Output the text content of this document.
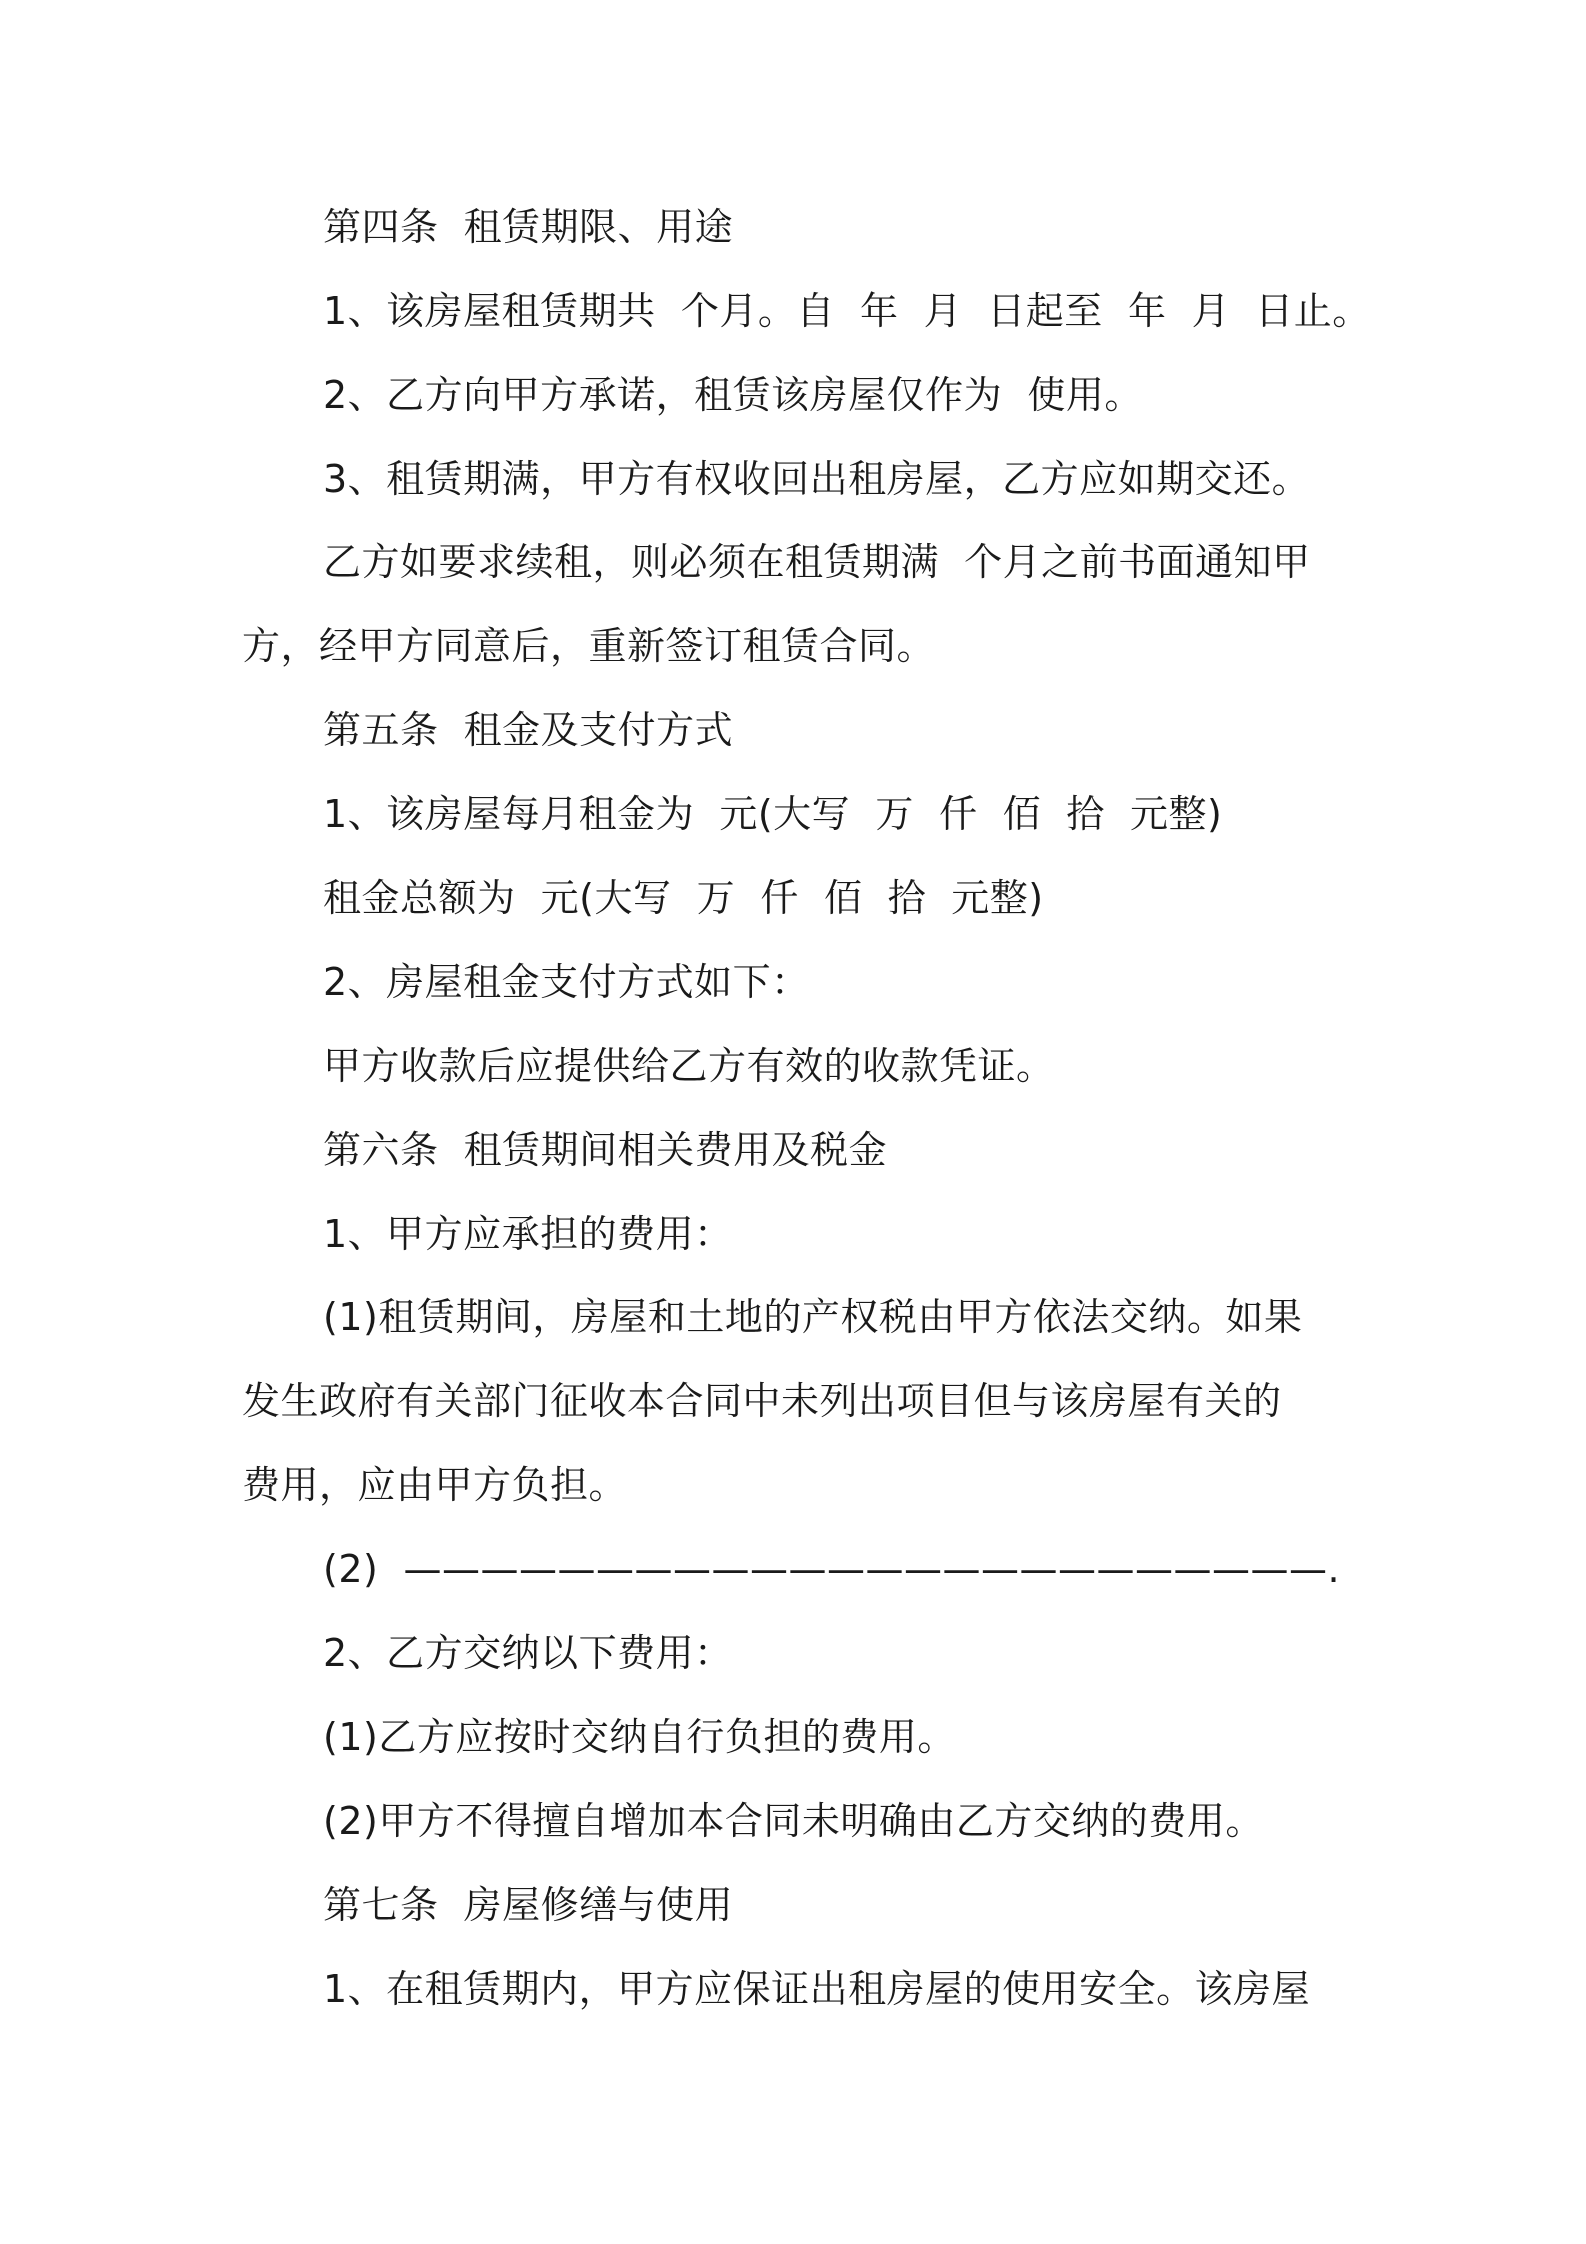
第四条  租赁期限、用途
1、该房屋租赁期共  个月。自  年  月  日起至  年  月  日止。
2、乙方向甲方承诺，租赁该房屋仅作为  使用。
3、租赁期满，甲方有权收回出租房屋，乙方应如期交还。
乙方如要求续租，则必须在租赁期满  个月之前书面通知甲
方，经甲方同意后，重新签订租赁合同。
第五条  租金及支付方式
1、该房屋每月租金为  元(大写  万  仟  佰  拾  元整)
租金总额为  元(大写  万  仟  佰  拾  元整)
2、房屋租金支付方式如下：
甲方收款后应提供给乙方有效的收款凭证。
第六条  租赁期间相关费用及税金
1、甲方应承担的费用：
(1)租赁期间，房屋和土地的产权税由甲方依法交纳。如果
发生政府有关部门征收本合同中未列出项目但与该房屋有关的
费用，应由甲方负担。
(2)  ————————————————————————.
2、乙方交纳以下费用：
(1)乙方应按时交纳自行负担的费用。
(2)甲方不得擅自增加本合同未明确由乙方交纳的费用。
第七条  房屋修缮与使用
1、在租赁期内，甲方应保证出租房屋的使用安全。该房屋
